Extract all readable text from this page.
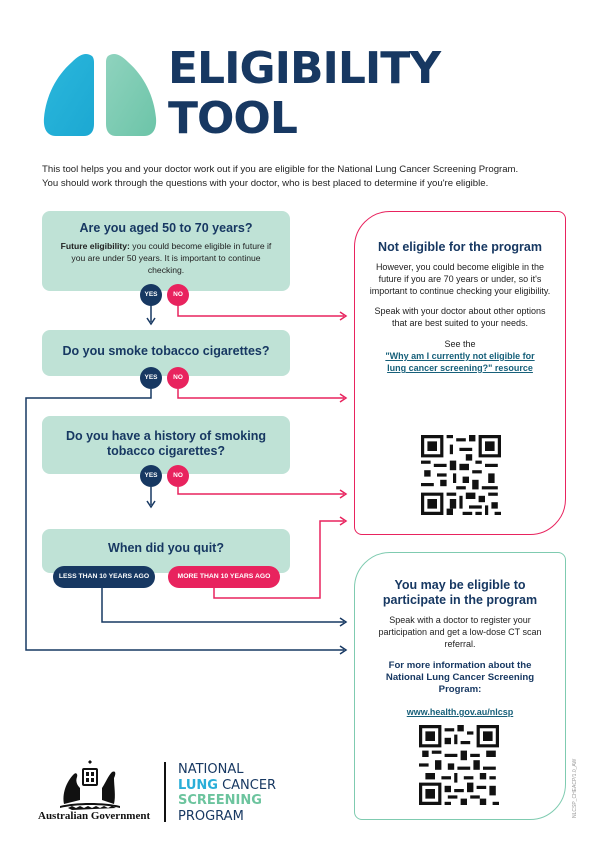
ELIGIBILITY
TOOL
This tool helps you and your doctor work out if you are eligible for the National Lung Cancer Screening Program.
You should work through the questions with your doctor, who is best placed to determine if you're eligible.
Are you aged 50 to 70 years?
Future eligibility: you could become eligible in future if you are under 50 years. It is important to continue checking.
YES	NO
Do you smoke tobacco cigarettes?
YES	NO
Do you have a history of smoking tobacco cigarettes?
YES	NO
When did you quit?
LESS THAN 10 YEARS AGO	MORE THAN 10 YEARS AGO
Not eligible for the program
However, you could become eligible in the future if you are 70 years or under, so it's important to continue checking your eligibility.
Speak with your doctor about other options that are best suited to your needs.
See the
"Why am I currently not eligible for lung cancer screening?" resource
You may be eligible to participate in the program
Speak with a doctor to register your participation and get a low-dose CT scan referral.
For more information about the National Lung Cancer Screening Program:
www.health.gov.au/nlcsp
Australian Government
NATIONAL
LUNG CANCER
SCREENING
PROGRAM	NLCSP_CHEACP/1.0_AW
